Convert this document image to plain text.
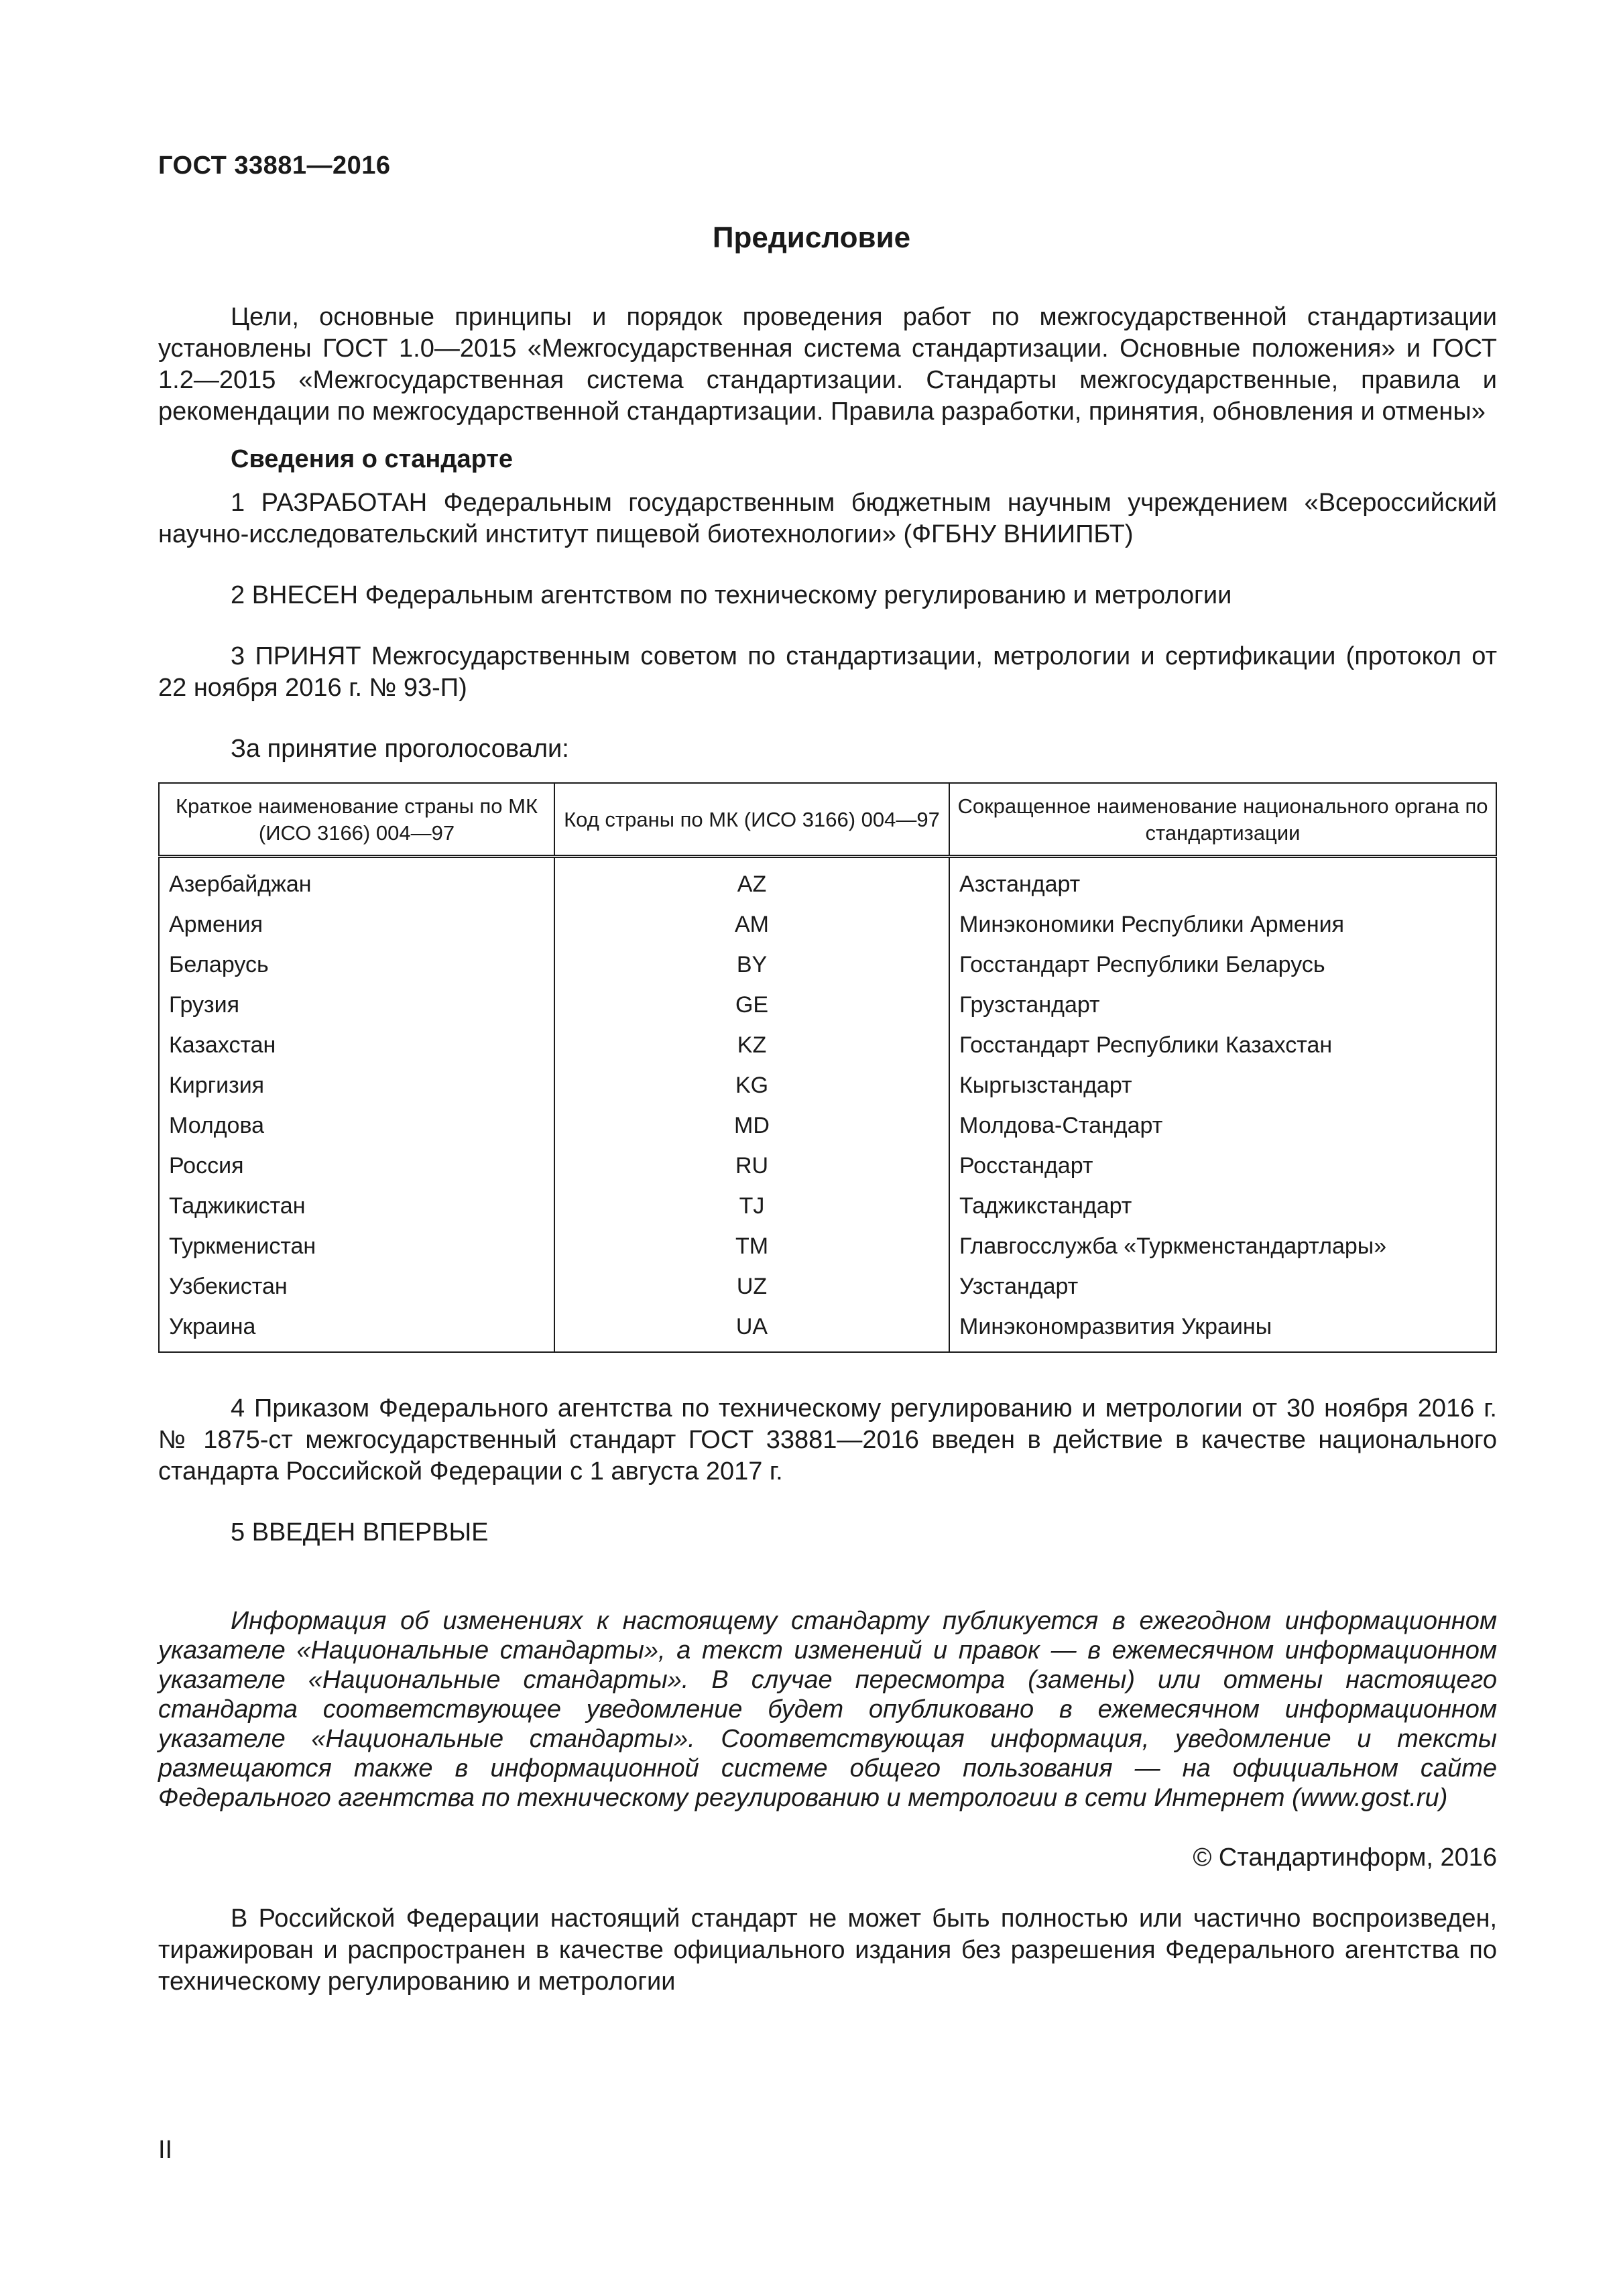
ГОСТ 33881—2016
Предисловие

Цели, основные принципы и порядок проведения работ по межгосударственной стандартизации установлены ГОСТ 1.0—2015 «Межгосударственная система стандартизации. Основные положения» и ГОСТ 1.2—2015 «Межгосударственная система стандартизации. Стандарты межгосударственные, правила и рекомендации по межгосударственной стандартизации. Правила разработки, принятия, обновления и отмены»

Сведения о стандарте

1 РАЗРАБОТАН Федеральным государственным бюджетным научным учреждением «Всероссийский научно-исследовательский институт пищевой биотехнологии» (ФГБНУ ВНИИПБТ)

2 ВНЕСЕН Федеральным агентством по техническому регулированию и метрологии

3 ПРИНЯТ Межгосударственным советом по стандартизации, метрологии и сертификации (протокол от 22 ноября 2016 г. № 93-П)

За принятие проголосовали:

Краткое наименование страны по МК (ИСО 3166) 004—97	Код страны по МК (ИСО 3166) 004—97	Сокращенное наименование национального органа по стандартизации
Азербайджан	AZ	Азстандарт
Армения	AM	Минэкономики Республики Армения
Беларусь	BY	Госстандарт Республики Беларусь
Грузия	GE	Грузстандарт
Казахстан	KZ	Госстандарт Республики Казахстан
Киргизия	KG	Кыргызстандарт
Молдова	MD	Молдова-Стандарт
Россия	RU	Росстандарт
Таджикистан	TJ	Таджикстандарт
Туркменистан	TM	Главгосслужба «Туркменстандартлары»
Узбекистан	UZ	Узстандарт
Украина	UA	Минэкономразвития Украины

4 Приказом Федерального агентства по техническому регулированию и метрологии от 30 ноября 2016 г. № 1875-ст межгосударственный стандарт ГОСТ 33881—2016 введен в действие в качестве национального стандарта Российской Федерации с 1 августа 2017 г.

5 ВВЕДЕН ВПЕРВЫЕ

Информация об изменениях к настоящему стандарту публикуется в ежегодном информационном указателе «Национальные стандарты», а текст изменений и правок — в ежемесячном информационном указателе «Национальные стандарты». В случае пересмотра (замены) или отмены настоящего стандарта соответствующее уведомление будет опубликовано в ежемесячном информационном указателе «Национальные стандарты». Соответствующая информация, уведомление и тексты размещаются также в информационной системе общего пользования — на официальном сайте Федерального агентства по техническому регулированию и метрологии в сети Интернет (www.gost.ru)

© Стандартинформ, 2016

В Российской Федерации настоящий стандарт не может быть полностью или частично воспроизведен, тиражирован и распространен в качестве официального издания без разрешения Федерального агентства по техническому регулированию и метрологии

II
